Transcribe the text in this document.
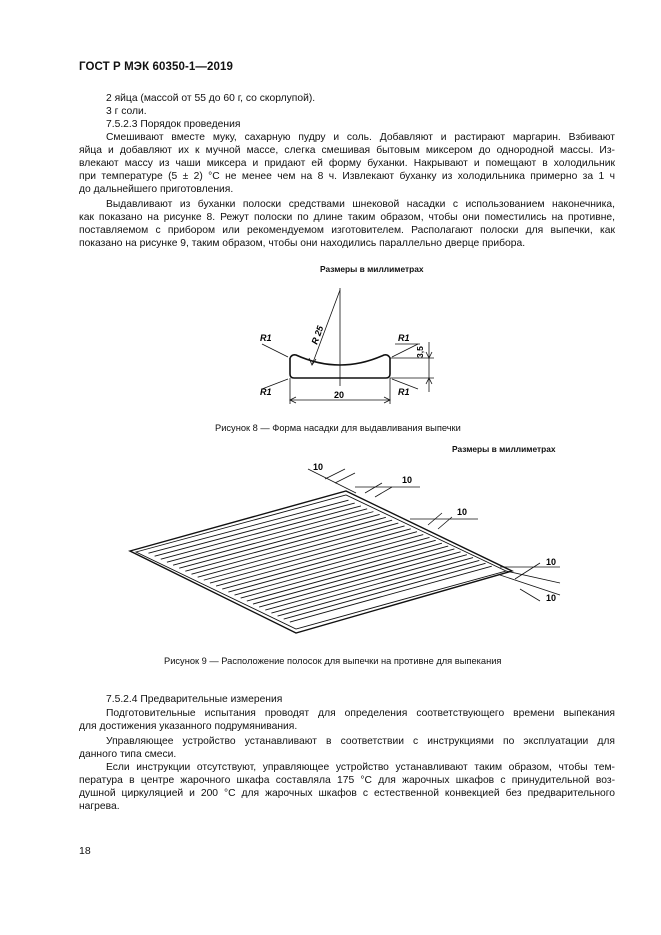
ГОСТ Р МЭК 60350-1—2019
2 яйца (массой от 55 до 60 г, со скорлупой).
3 г соли.
7.5.2.3 Порядок проведения
Смешивают вместе муку, сахарную пудру и соль. Добавляют и растирают маргарин. Взбивают
яйца и добавляют их к мучной массе, слегка смешивая бытовым миксером до однородной массы. Из-
влекают массу из чаши миксера и придают ей форму буханки. Накрывают и помещают в холодильник
при температуре (5 ± 2) °С не менее чем на 8 ч. Извлекают буханку из холодильника примерно за 1 ч
до дальнейшего приготовления.
Выдавливают из буханки полоски средствами шнековой насадки с использованием наконечника,
как показано на рисунке 8. Режут полоски по длине таким образом, чтобы они поместились на противне,
поставляемом с прибором или рекомендуемом изготовителем. Располагают полоски для выпечки, как
показано на рисунке 9, таким образом, чтобы они находились параллельно дверце прибора.
Размеры в миллиметрах
R1	R1
R1	R1
R 25
3,5
20
Рисунок 8 — Форма насадки для выдавливания выпечки
Размеры в миллиметрах
10
10
10
10
10
Рисунок 9 — Расположение полосок для выпечки на противне для выпекания
7.5.2.4 Предварительные измерения
Подготовительные испытания проводят для определения соответствующего времени выпекания
для достижения указанного подрумянивания.
Управляющее устройство устанавливают в соответствии с инструкциями по эксплуатации для
данного типа смеси.
Если инструкции отсутствуют, управляющее устройство устанавливают таким образом, чтобы тем-
пература в центре жарочного шкафа составляла 175 °С для жарочных шкафов с принудительной воз-
душной циркуляцией и 200 °С для жарочных шкафов с естественной конвекцией без предварительного
нагрева.
18
